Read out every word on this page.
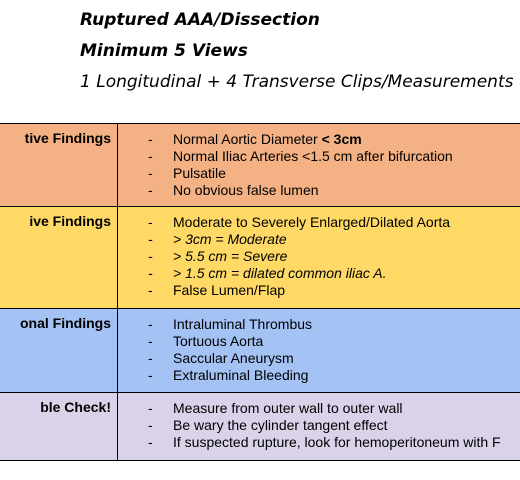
Ruptured AAA/Dissection
Minimum 5 Views
1 Longitudinal + 4 Transverse Clips/Measurements
tive Findings	- Normal Aortic Diameter < 3cm
- Normal Iliac Arteries <1.5 cm after bifurcation
- Pulsatile
- No obvious false lumen
ive Findings	- Moderate to Severely Enlarged/Dilated Aorta
- > 3cm = Moderate
- > 5.5 cm = Severe
- > 1.5 cm = dilated common iliac A.
- False Lumen/Flap
onal Findings	- Intraluminal Thrombus
- Tortuous Aorta
- Saccular Aneurysm
- Extraluminal Bleeding
ble Check!	- Measure from outer wall to outer wall
- Be wary the cylinder tangent effect
- If suspected rupture, look for hemoperitoneum with F
